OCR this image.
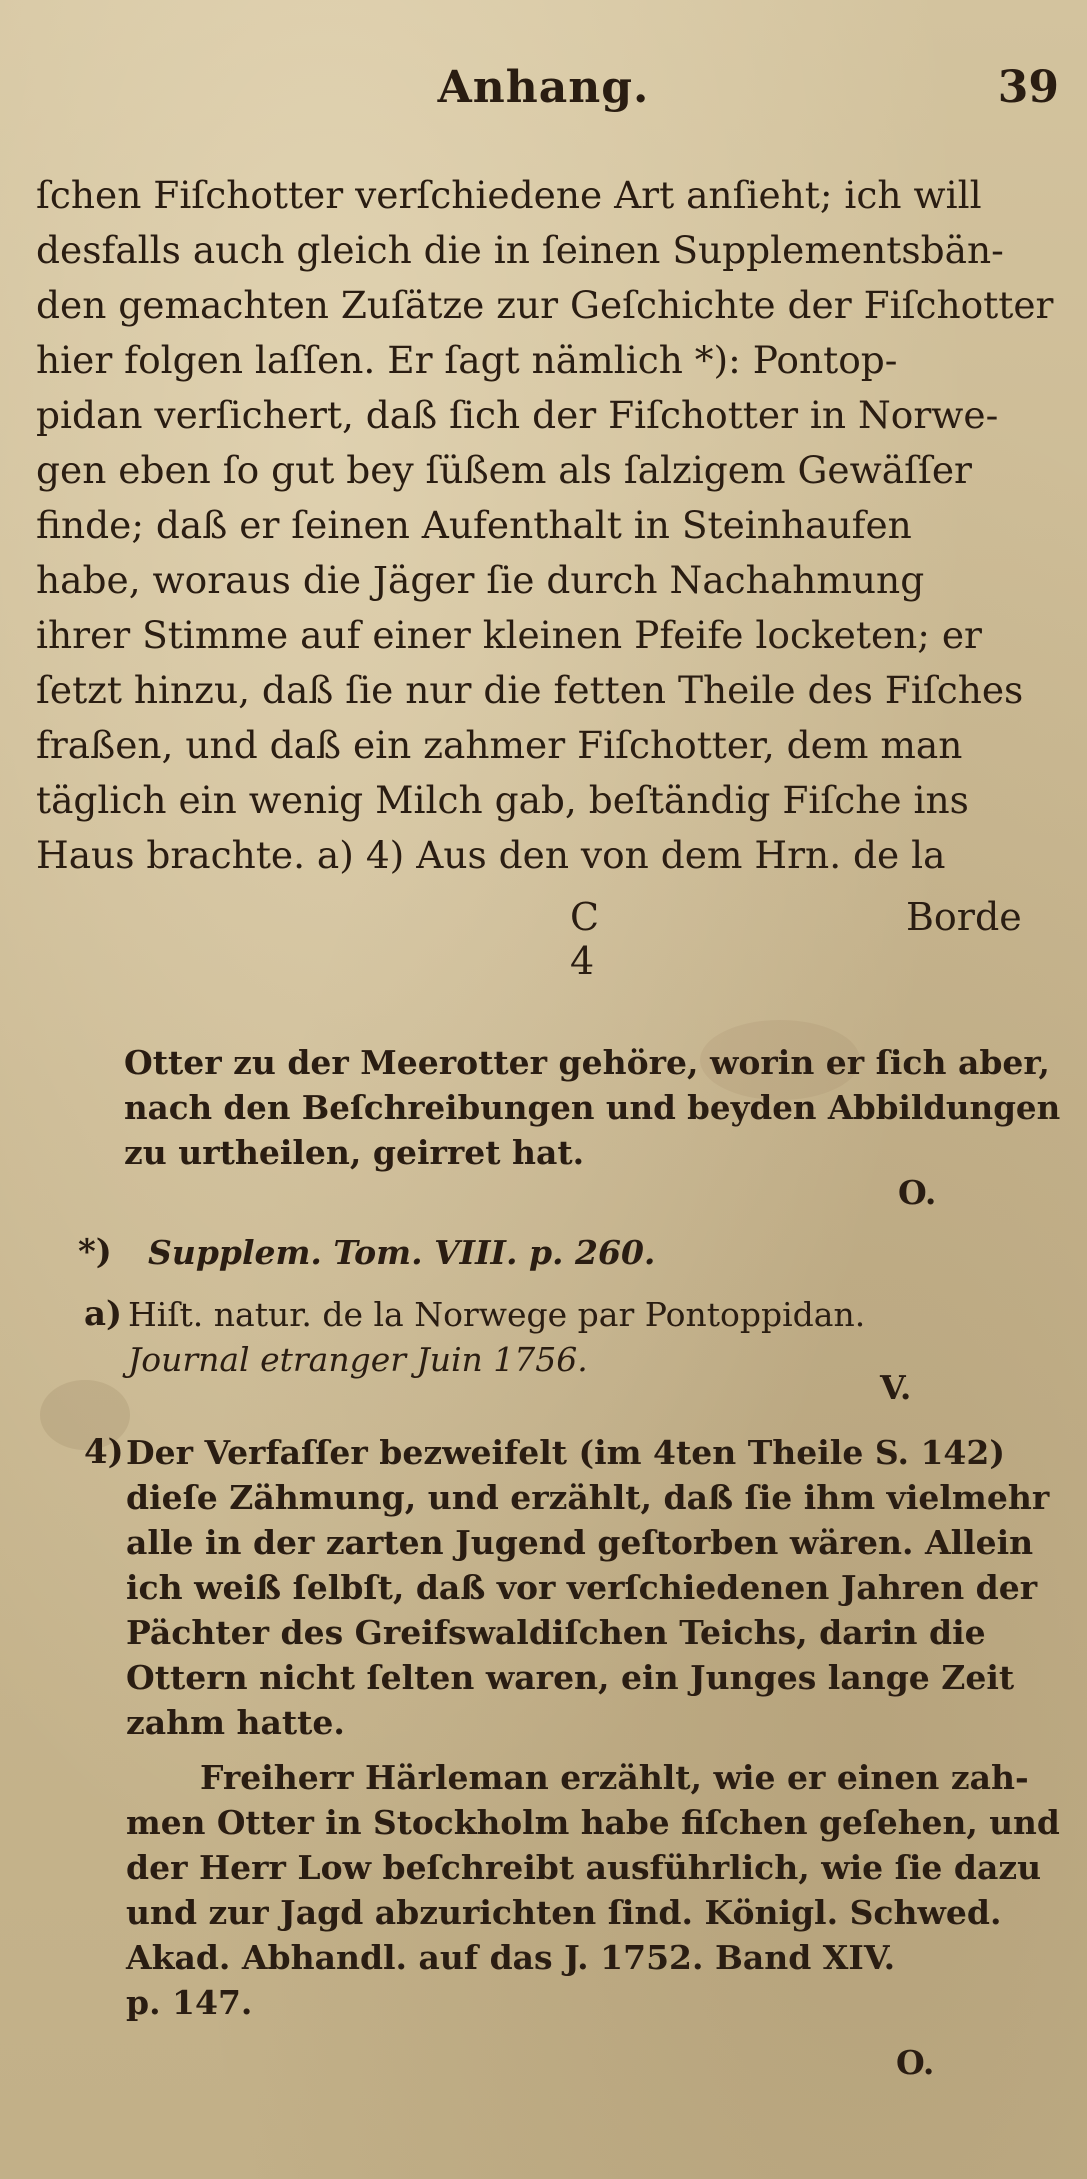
Anhang.	39
ſchen Fiſchotter verſchiedene Art anſieht; ich will
desfalls auch gleich die in ſeinen Supplementsbän-
den gemachten Zuſätze zur Geſchichte der Fiſchotter
hier folgen laſſen. Er ſagt nämlich *): Pontop-
pidan verſichert, daß ſich der Fiſchotter in Norwe-
gen eben ſo gut bey ſüßem als ſalzigem Gewäſſer
finde; daß er ſeinen Aufenthalt in Steinhaufen
habe, woraus die Jäger ſie durch Nachahmung
ihrer Stimme auf einer kleinen Pfeife locketen; er
ſetzt hinzu, daß ſie nur die fetten Theile des Fiſches
fraßen, und daß ein zahmer Fiſchotter, dem man
täglich ein wenig Milch gab, beſtändig Fiſche ins
Haus brachte. a) 4) Aus den von dem Hrn. de la
C 4
Borde
Otter zu der Meerotter gehöre, worin er ſich aber,
nach den Beſchreibungen und beyden Abbildungen
zu urtheilen, geirret hat.
O.
*) Supplem. Tom. VIII. p. 260.
a) Hiſt. natur. de la Norwege par Pontoppidan.
Journal etranger Juin 1756.
V.
4) Der Verfaſſer bezweifelt (im 4ten Theile S. 142)
dieſe Zähmung, und erzählt, daß ſie ihm vielmehr
alle in der zarten Jugend geſtorben wären. Allein
ich weiß ſelbſt, daß vor verſchiedenen Jahren der
Pächter des Greifswaldiſchen Teichs, darin die
Ottern nicht ſelten waren, ein Junges lange Zeit
zahm hatte.
Freiherr Härleman erzählt, wie er einen zah-
men Otter in Stockholm habe fiſchen geſehen, und
der Herr Low beſchreibt ausführlich, wie ſie dazu
und zur Jagd abzurichten ſind. Königl. Schwed.
Akad. Abhandl. auf das J. 1752. Band XIV.
p. 147.
O.
